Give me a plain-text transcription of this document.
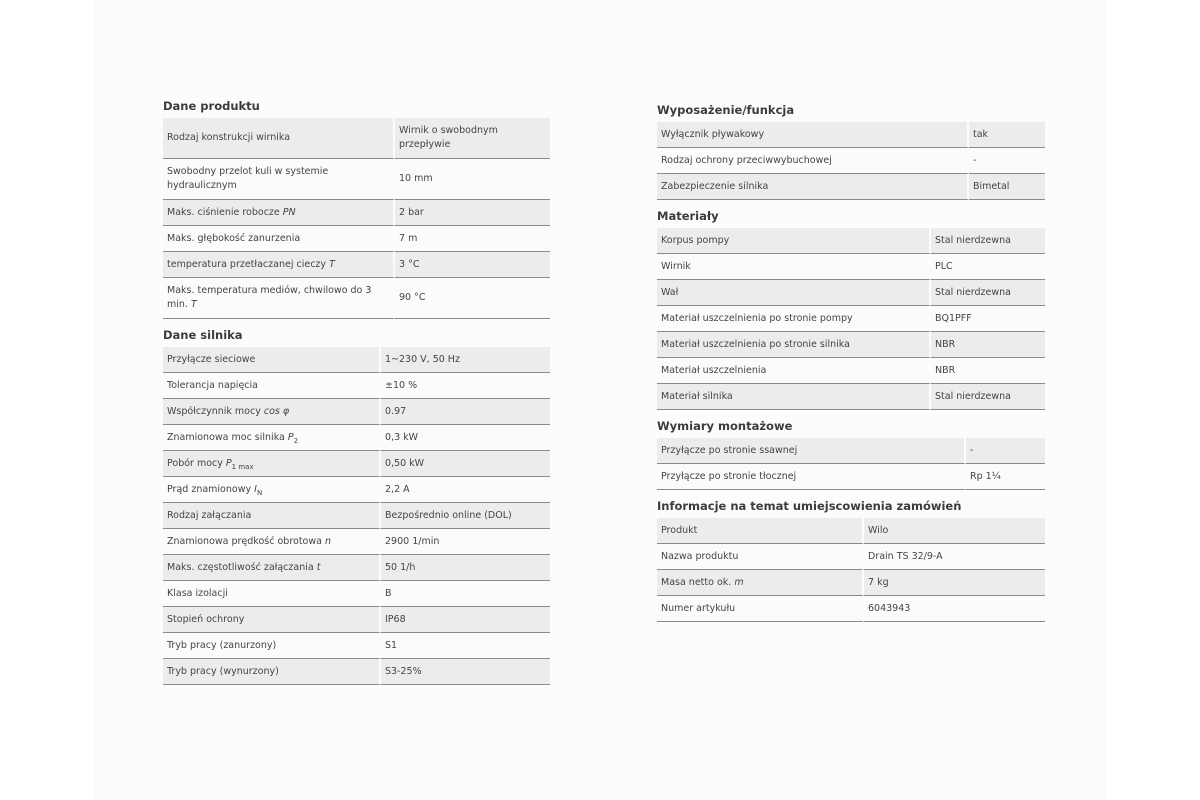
Dane produktu
Rodzaj konstrukcji wirnika	Wirnik o swobodnym przepływie
Swobodny przelot kuli w systemie hydraulicznym	10 mm
Maks. ciśnienie robocze PN	2 bar
Maks. głębokość zanurzenia	7 m
temperatura przetłaczanej cieczy T	3 °C
Maks. temperatura mediów, chwilowo do 3 min. T	90 °C
Dane silnika
Przyłącze sieciowe	1~230 V, 50 Hz
Tolerancja napięcia	±10 %
Współczynnik mocy cos φ	0.97
Znamionowa moc silnika $P_2$	0,3 kW
Pobór mocy $P_{1 max}$	0,50 kW
Prąd znamionowy $I_N$	2,2 A
Rodzaj załączania	Bezpośrednio online (DOL)
Znamionowa prędkość obrotowa n	2900 1/min
Maks. częstotliwość załączania t	50 1/h
Klasa izolacji	B
Stopień ochrony	IP68
Tryb pracy (zanurzony)	S1
Tryb pracy (wynurzony)	S3-25%
Wyposażenie/funkcja
Wyłącznik pływakowy	tak
Rodzaj ochrony przeciwwybuchowej	-
Zabezpieczenie silnika	Bimetal
Materiały
Korpus pompy	Stal nierdzewna
Wirnik	PLC
Wał	Stal nierdzewna
Materiał uszczelnienia po stronie pompy	BQ1PFF
Materiał uszczelnienia po stronie silnika	NBR
Materiał uszczelnienia	NBR
Materiał silnika	Stal nierdzewna
Wymiary montażowe
Przyłącze po stronie ssawnej	-
Przyłącze po stronie tłocznej	Rp 1¼
Informacje na temat umiejscowienia zamówień
Produkt	Wilo
Nazwa produktu	Drain TS 32/9-A
Masa netto ok. m	7 kg
Numer artykułu	6043943
